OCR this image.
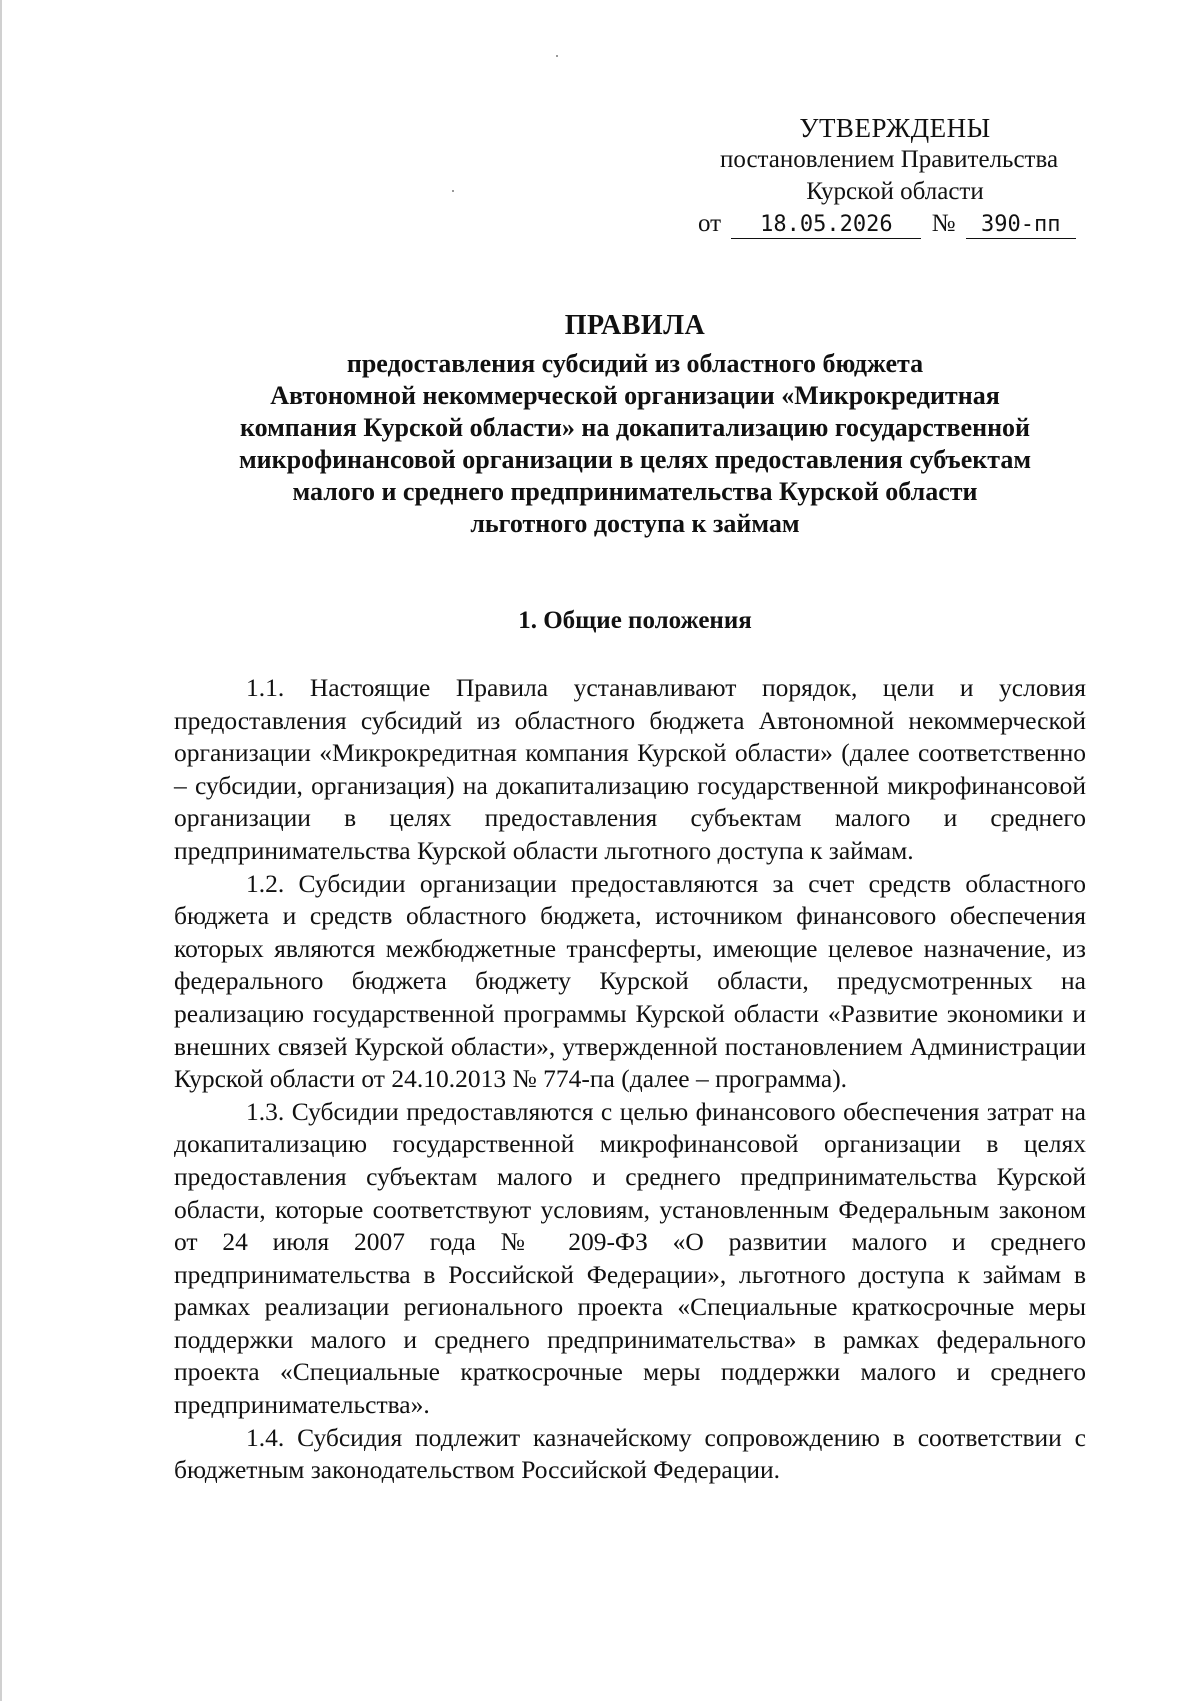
УТВЕРЖДЕНЫ
постановлением Правительства
Курской области
от 18.05.2026 № 390-пп
ПРАВИЛА
предоставления субсидий из областного бюджета
Автономной некоммерческой организации «Микрокредитная
компания Курской области» на докапитализацию государственной
микрофинансовой организации в целях предоставления субъектам
малого и среднего предпринимательства Курской области
льготного доступа к займам
1. Общие положения

1.1. Настоящие Правила устанавливают порядок, цели и условия предоставления субсидий из областного бюджета Автономной некоммерческой организации «Микрокредитная компания Курской области» (далее соответственно – субсидии, организация) на докапитализацию государственной микрофинансовой организации в целях предоставления субъектам малого и среднего предпринимательства Курской области льготного доступа к займам.

1.2. Субсидии организации предоставляются за счет средств областного бюджета и средств областного бюджета, источником финансового обеспечения которых являются межбюджетные трансферты, имеющие целевое назначение, из федерального бюджета бюджету Курской области, предусмотренных на реализацию государственной программы Курской области «Развитие экономики и внешних связей Курской области», утвержденной постановлением Администрации Курской области от 24.10.2013 № 774-па (далее – программа).

1.3. Субсидии предоставляются с целью финансового обеспечения затрат на докапитализацию государственной микрофинансовой организации в целях предоставления субъектам малого и среднего предпринимательства Курской области, которые соответствуют условиям, установленным Федеральным законом от 24 июля 2007 года № 209-ФЗ «О развитии малого и среднего предпринимательства в Российской Федерации», льготного доступа к займам в рамках реализации регионального проекта «Специальные краткосрочные меры поддержки малого и среднего предпринимательства» в рамках федерального проекта «Специальные краткосрочные меры поддержки малого и среднего предпринимательства».

1.4. Субсидия подлежит казначейскому сопровождению в соответствии с бюджетным законодательством Российской Федерации.
